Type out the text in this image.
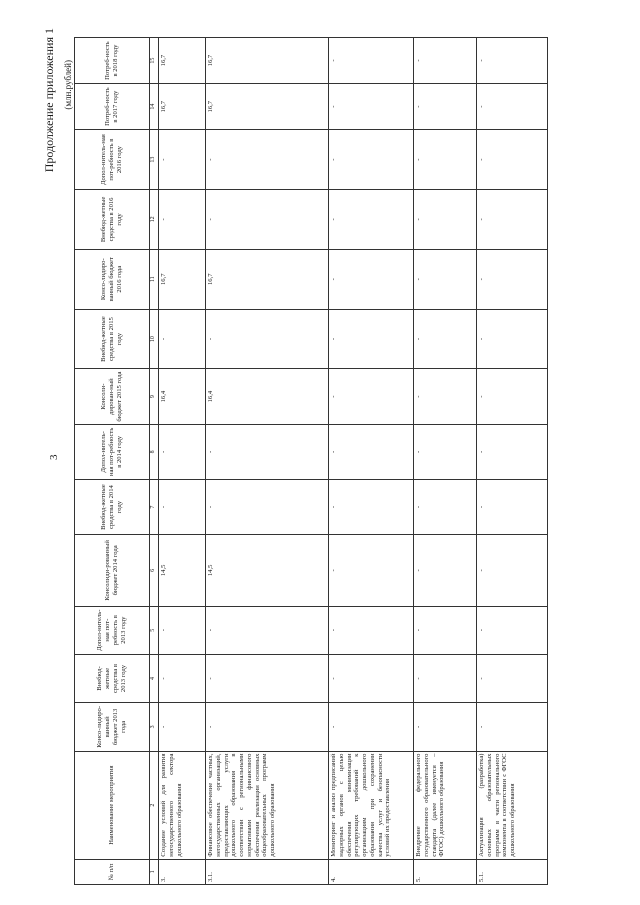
3
Продолжение приложения 1 (млн.рублей)
№ п/п	Наименование мероприятия	Консо-лидиро-ванный бюджет 2013 года	Внебюд-жетные средства в 2013 году	Допол-нитель-ная пот-ребность в 2013 году	Консолиди-рованный бюджет 2014 года	Внебюд-жетные средства в 2014 году	Допол-нитель-ная пот-ребность в 2014 году	Консоли-дирован-ный бюджет 2015 года	Внебюд-жетные средства в 2015 году	Консо-лидиро-ванный бюджет 2016 года	Внебюд-жетные средства в 2016 году	Допол-нитель-ная пот-ребность в 2016 году	Потреб-ность в 2017 году	Потреб-ность в 2018 году
1	2	3	4	5	6	7	8	9	10	11	12	13	14	15
3.	Создание условий для развития негосударственного сектора дошкольного образования	-	-	-	14,5	-	-	16,4	-	16,7	-	-	16,7	16,7
3.1.	Финансовое обеспечение частных, негосударственных организаций, предоставляющих услуги дошкольного образования в соответствии с региональными нормативами финансового обеспечения реализации основных общеобразовательных программ дошкольного образования	-	-	-	14,5	-	-	16,4	-	16,7	-	-	16,7	16,7
4.	Мониторинг и анализ предписаний надзорных органов с целью обеспечения минимизации регулирующих требований к организациям дошкольного образования при сохранении качества услуг и безопасности условий их предоставления	-	-	-	-	-	-	-	-	-	-	-	-	-
5.	Внедрение федерального государственного образовательного стандарта (далее именуется – ФГОС) дошкольного образования	-	-	-	-	-	-	-	-	-	-	-	-	-
5.1.	Актуализация (разработка) основных образовательных программ в части регионального компонента в соответствии с ФГОС дошкольного образования	-	-	-	-	-	-	-	-	-	-	-	-	-
